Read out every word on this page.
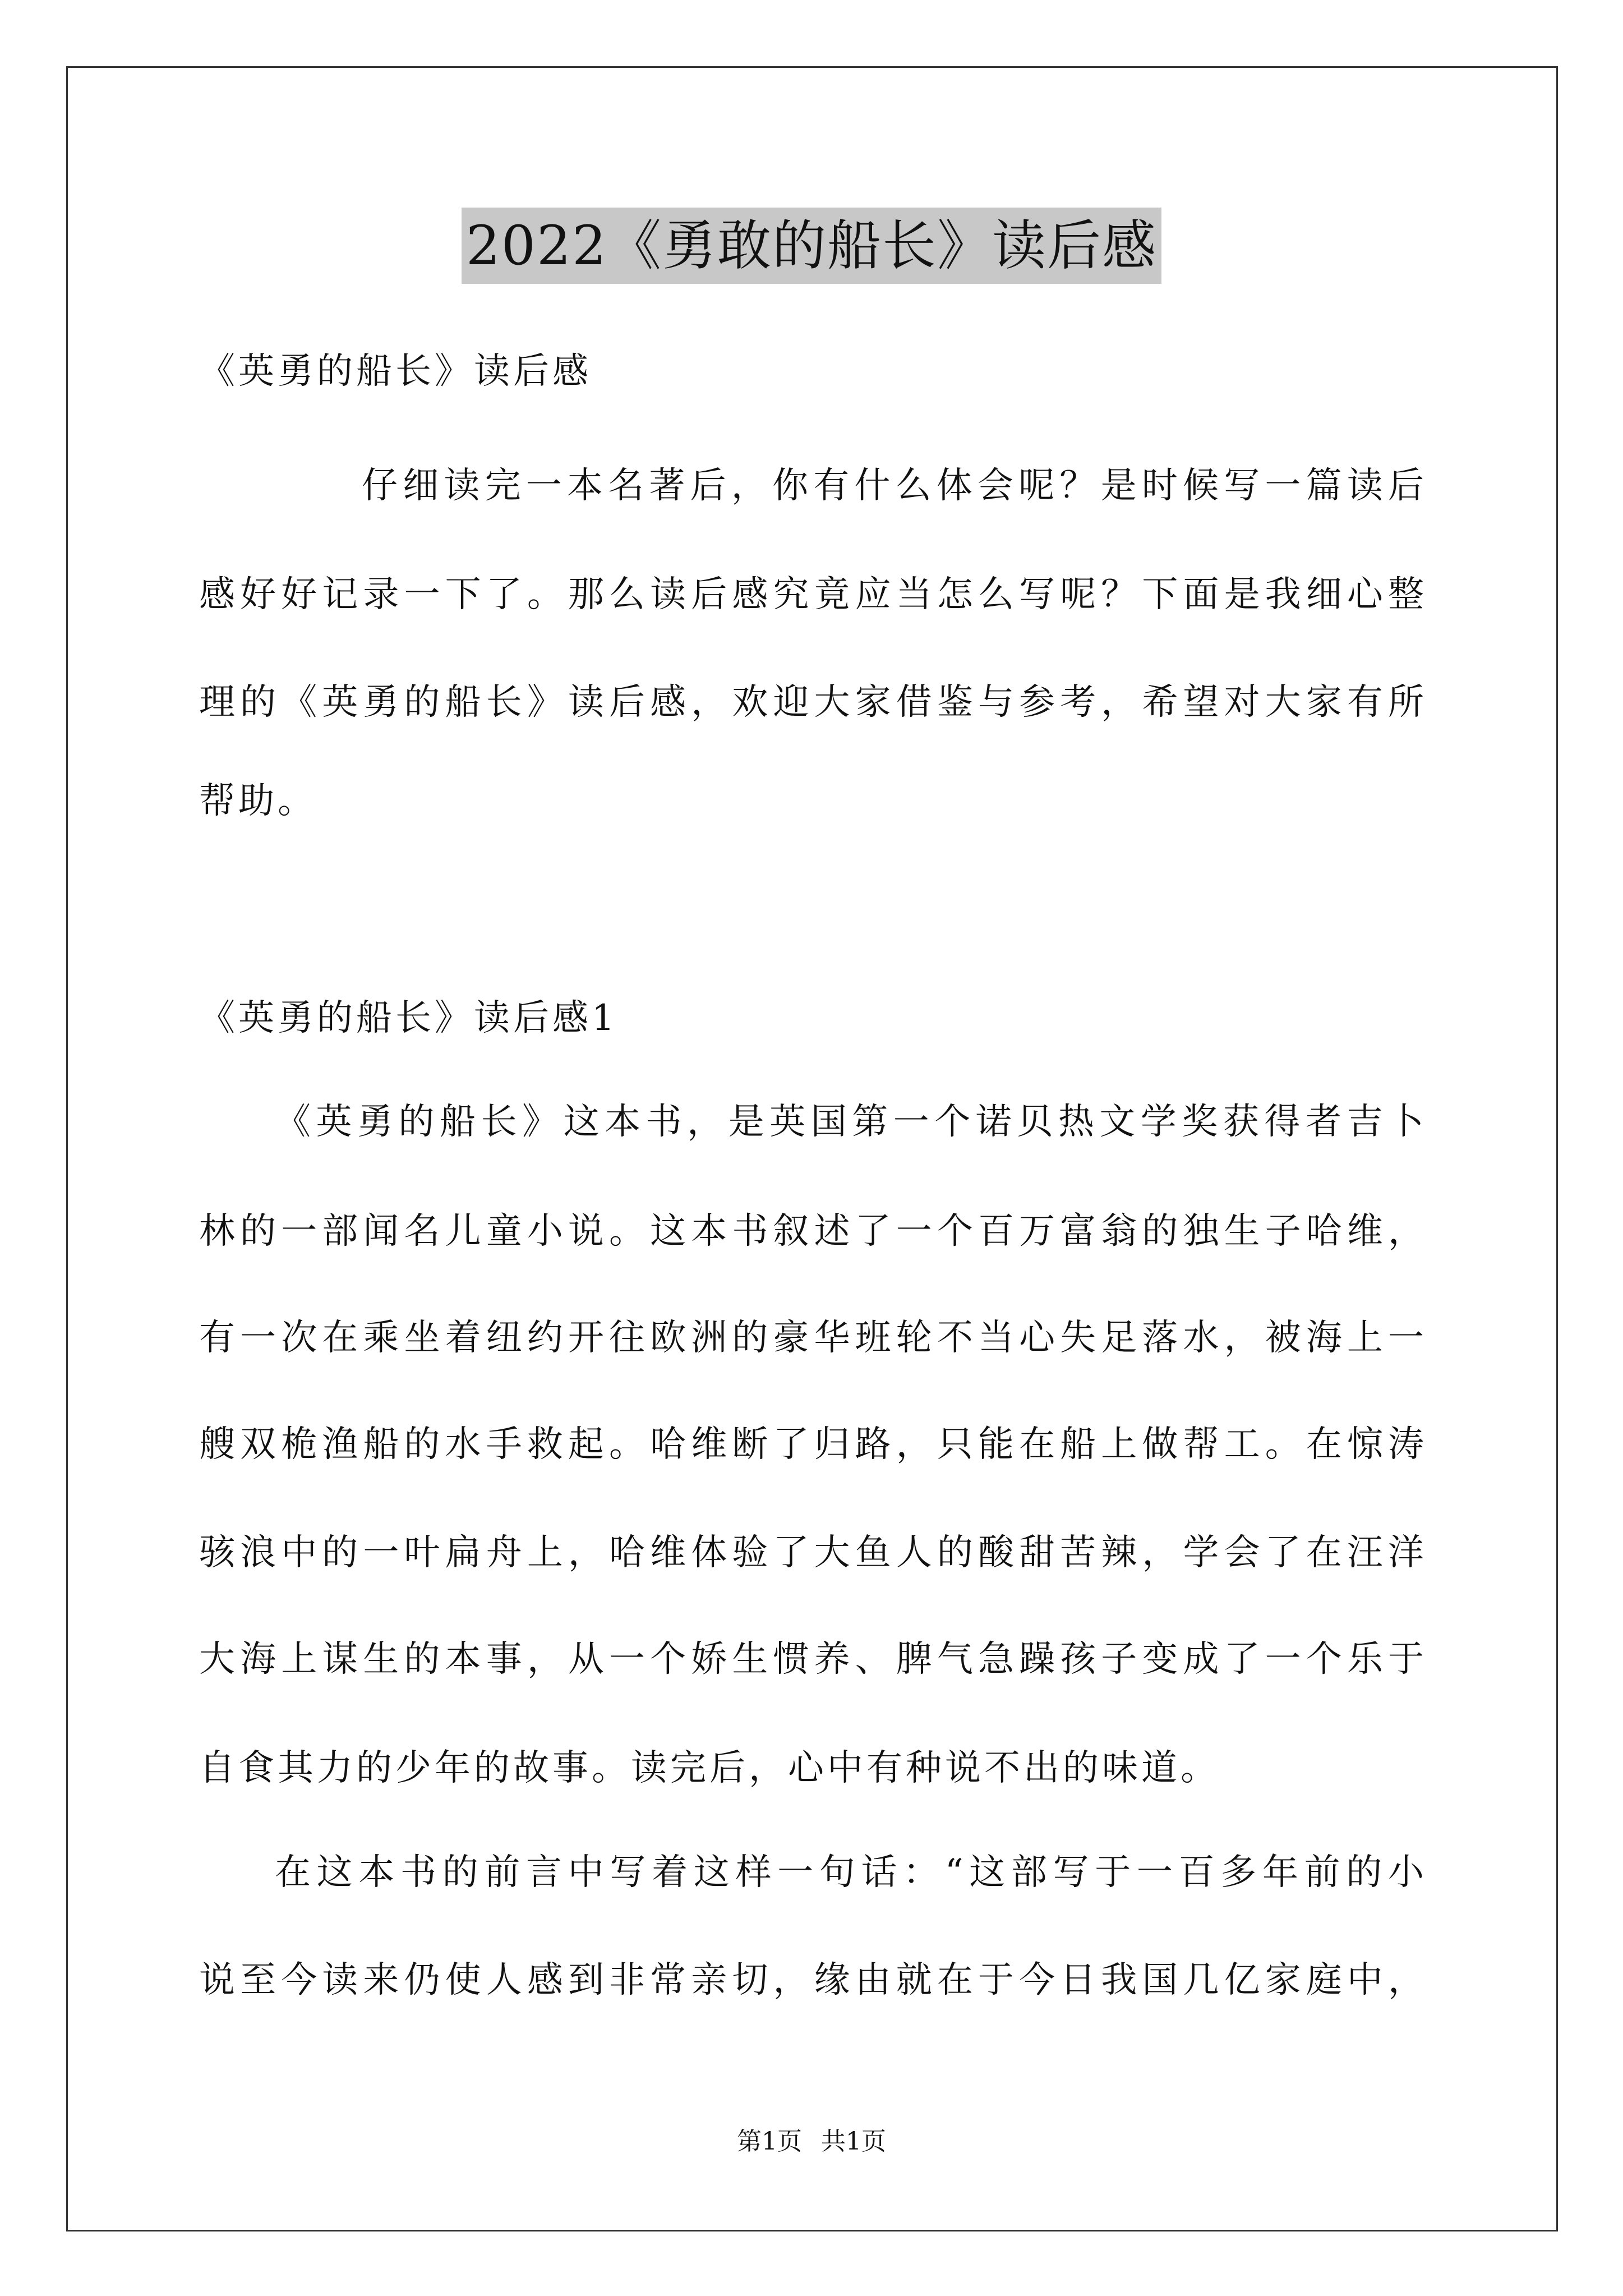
2022《勇敢的船长》读后感
《英勇的船长》读后感
仔细读完一本名著后，你有什么体会呢？是时候写一篇读后
感好好记录一下了。那么读后感究竟应当怎么写呢？下面是我细心整
理的《英勇的船长》读后感，欢迎大家借鉴与参考，希望对大家有所
帮助。
《英勇的船长》读后感1
《英勇的船长》这本书，是英国第一个诺贝热文学奖获得者吉卜
林的一部闻名儿童小说。这本书叙述了一个百万富翁的独生子哈维，
有一次在乘坐着纽约开往欧洲的豪华班轮不当心失足落水，被海上一
艘双桅渔船的水手救起。哈维断了归路，只能在船上做帮工。在惊涛
骇浪中的一叶扁舟上，哈维体验了大鱼人的酸甜苦辣，学会了在汪洋
大海上谋生的本事，从一个娇生惯养、脾气急躁孩子变成了一个乐于
自食其力的少年的故事。读完后，心中有种说不出的味道。
在这本书的前言中写着这样一句话：“这部写于一百多年前的小
说至今读来仍使人感到非常亲切，缘由就在于今日我国几亿家庭中，
第1页 共1页
